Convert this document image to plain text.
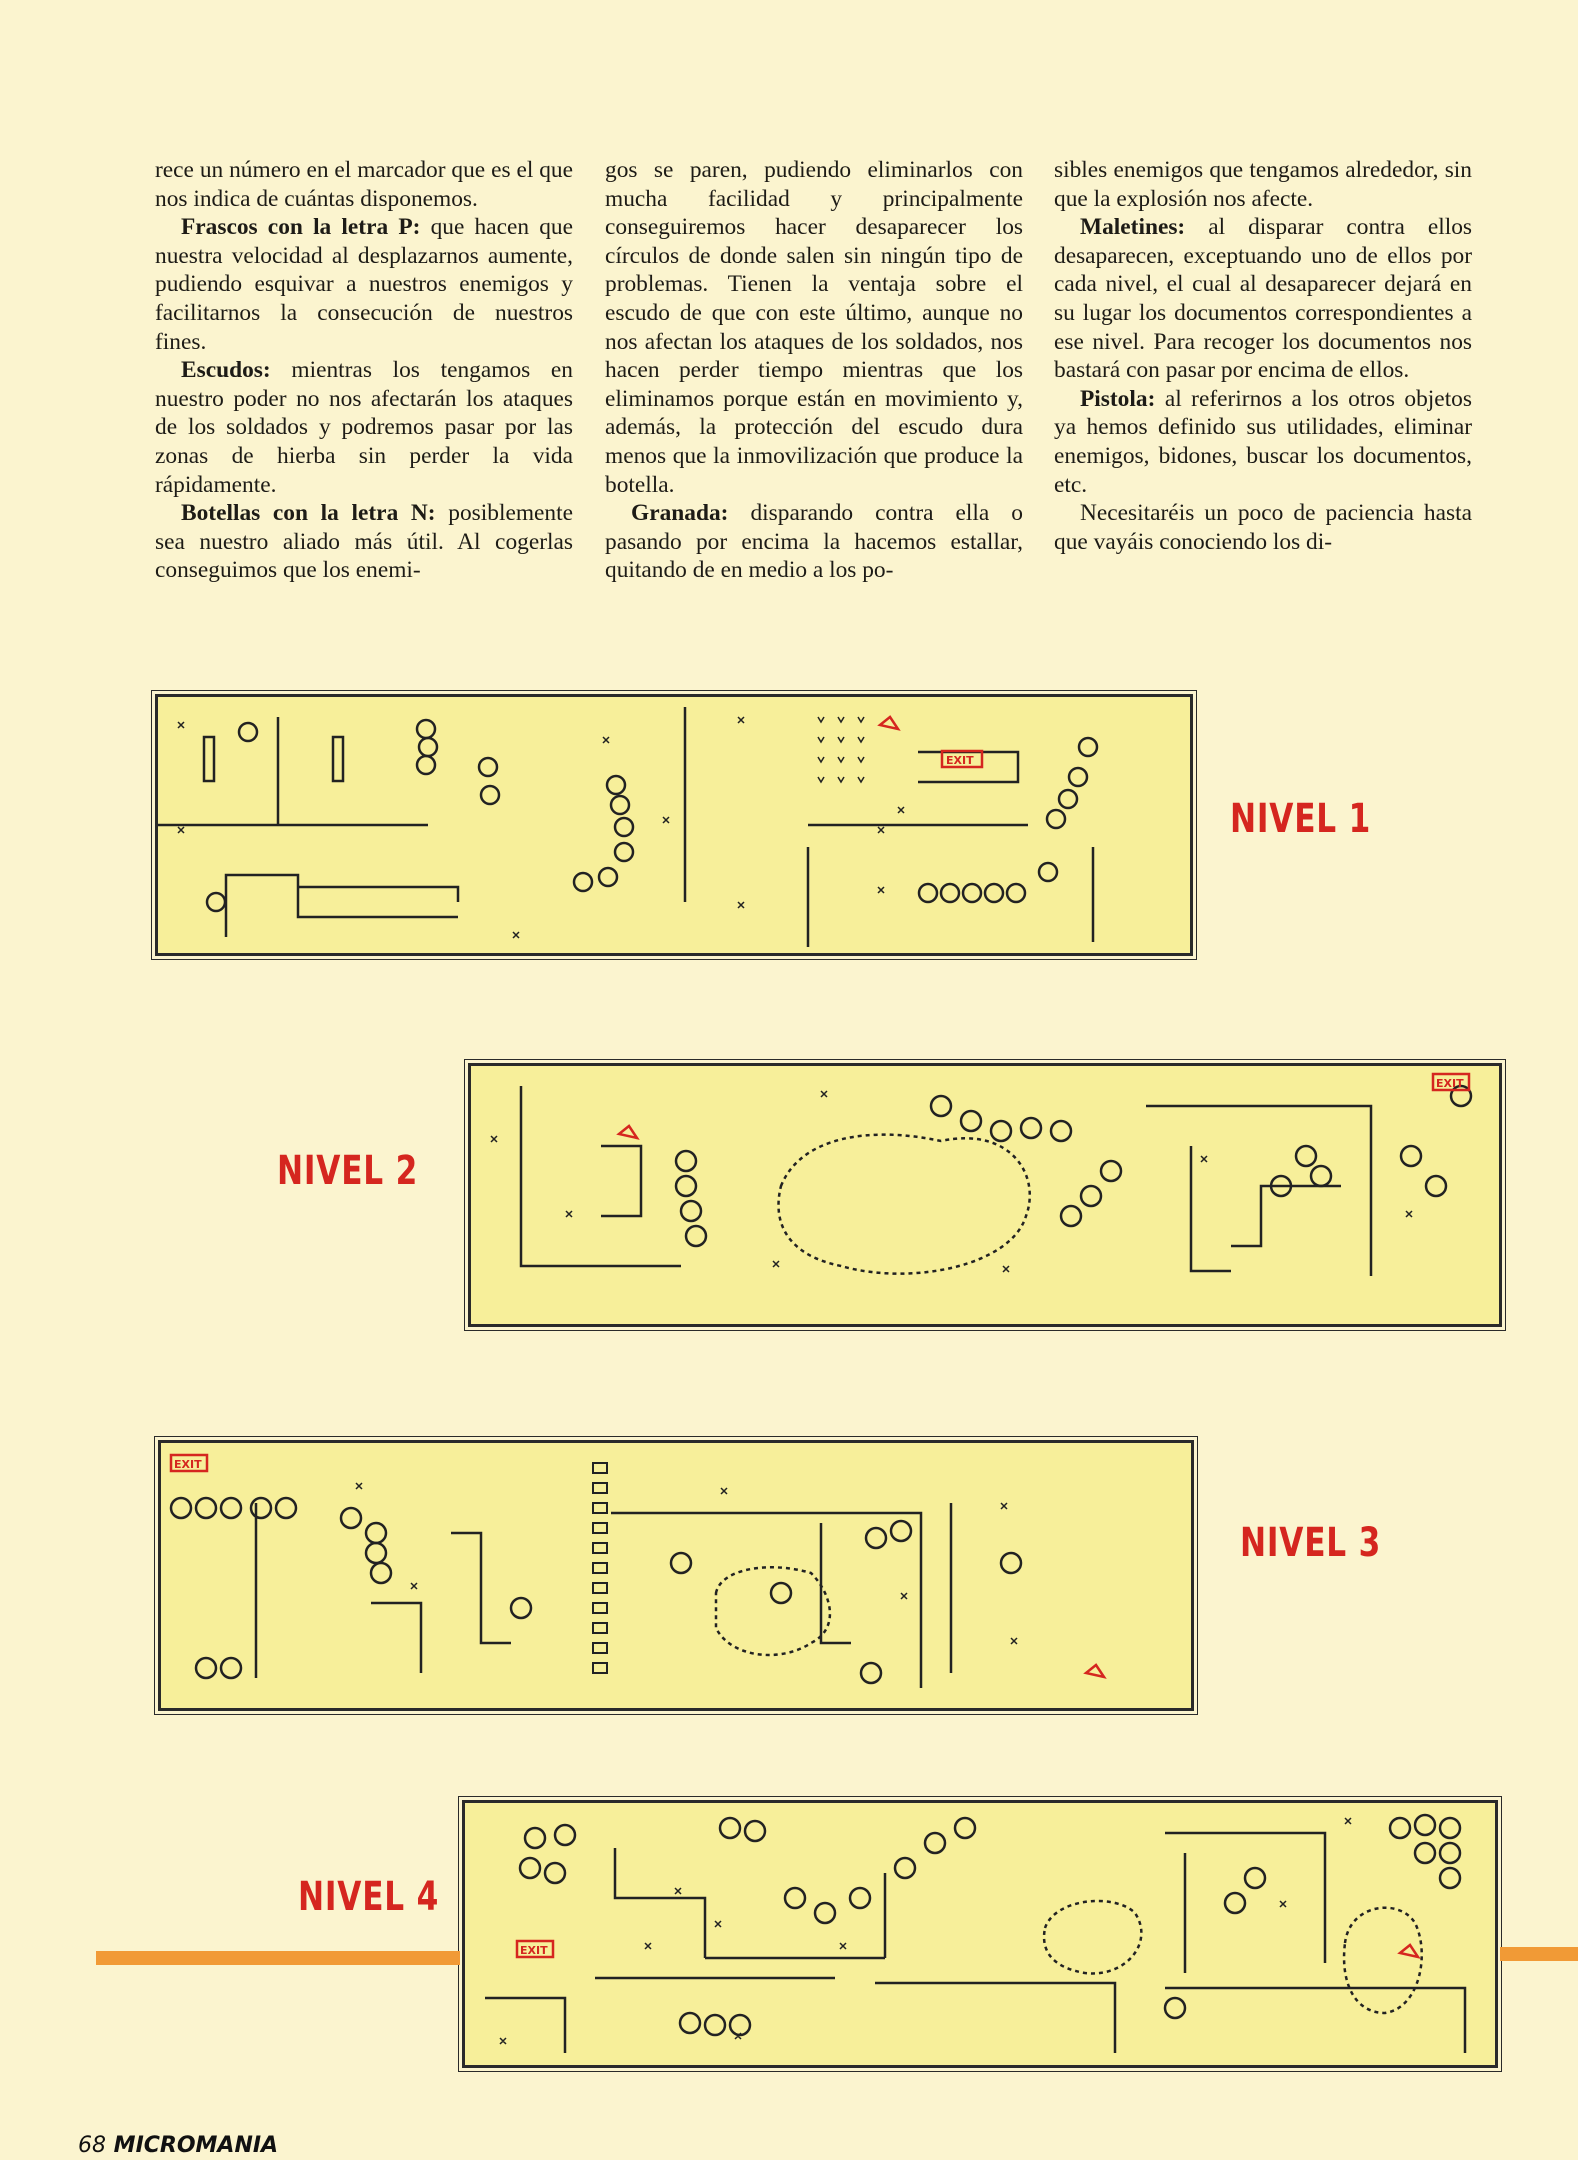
rece un número en el marcador que es el que nos indica de cuántas disponemos.

Frascos con la letra P: que hacen que nuestra velocidad al desplazarnos aumente, pudiendo esquivar a nuestros enemigos y facilitarnos la consecución de nuestros fines.

Escudos: mientras los tengamos en nuestro poder no nos afectarán los ataques de los soldados y podremos pasar por las zonas de hierba sin perder la vida rápidamente.

Botellas con la letra N: posiblemente sea nuestro aliado más útil. Al cogerlas conseguimos que los enemi-

gos se paren, pudiendo eliminarlos con mucha facilidad y principalmente conseguiremos hacer desaparecer los círculos de donde salen sin ningún tipo de problemas. Tienen la ventaja sobre el escudo de que con este último, aunque no nos afectan los ataques de los soldados, nos hacen perder tiempo mientras que los eliminamos porque están en movimiento y, además, la protección del escudo dura menos que la inmovilización que produce la botella.

Granada: disparando contra ella o pasando por encima la hacemos estallar, quitando de en medio a los po-

sibles enemigos que tengamos alrededor, sin que la explosión nos afecte.

Maletines: al disparar contra ellos desaparecen, exceptuando uno de ellos por cada nivel, el cual al desaparecer dejará en su lugar los documentos correspondientes a ese nivel. Para recoger los documentos nos bastará con pasar por encima de ellos.

Pistola: al referirnos a los otros objetos ya hemos definido sus utilidades, eliminar enemigos, bidones, buscar los documentos, etc.

Necesitaréis un poco de paciencia hasta que vayáis conociendo los di-

EXIT
NIVEL 1
EXIT
NIVEL 2
EXIT
NIVEL 3
EXIT
NIVEL 4
68 MICROMANIA
